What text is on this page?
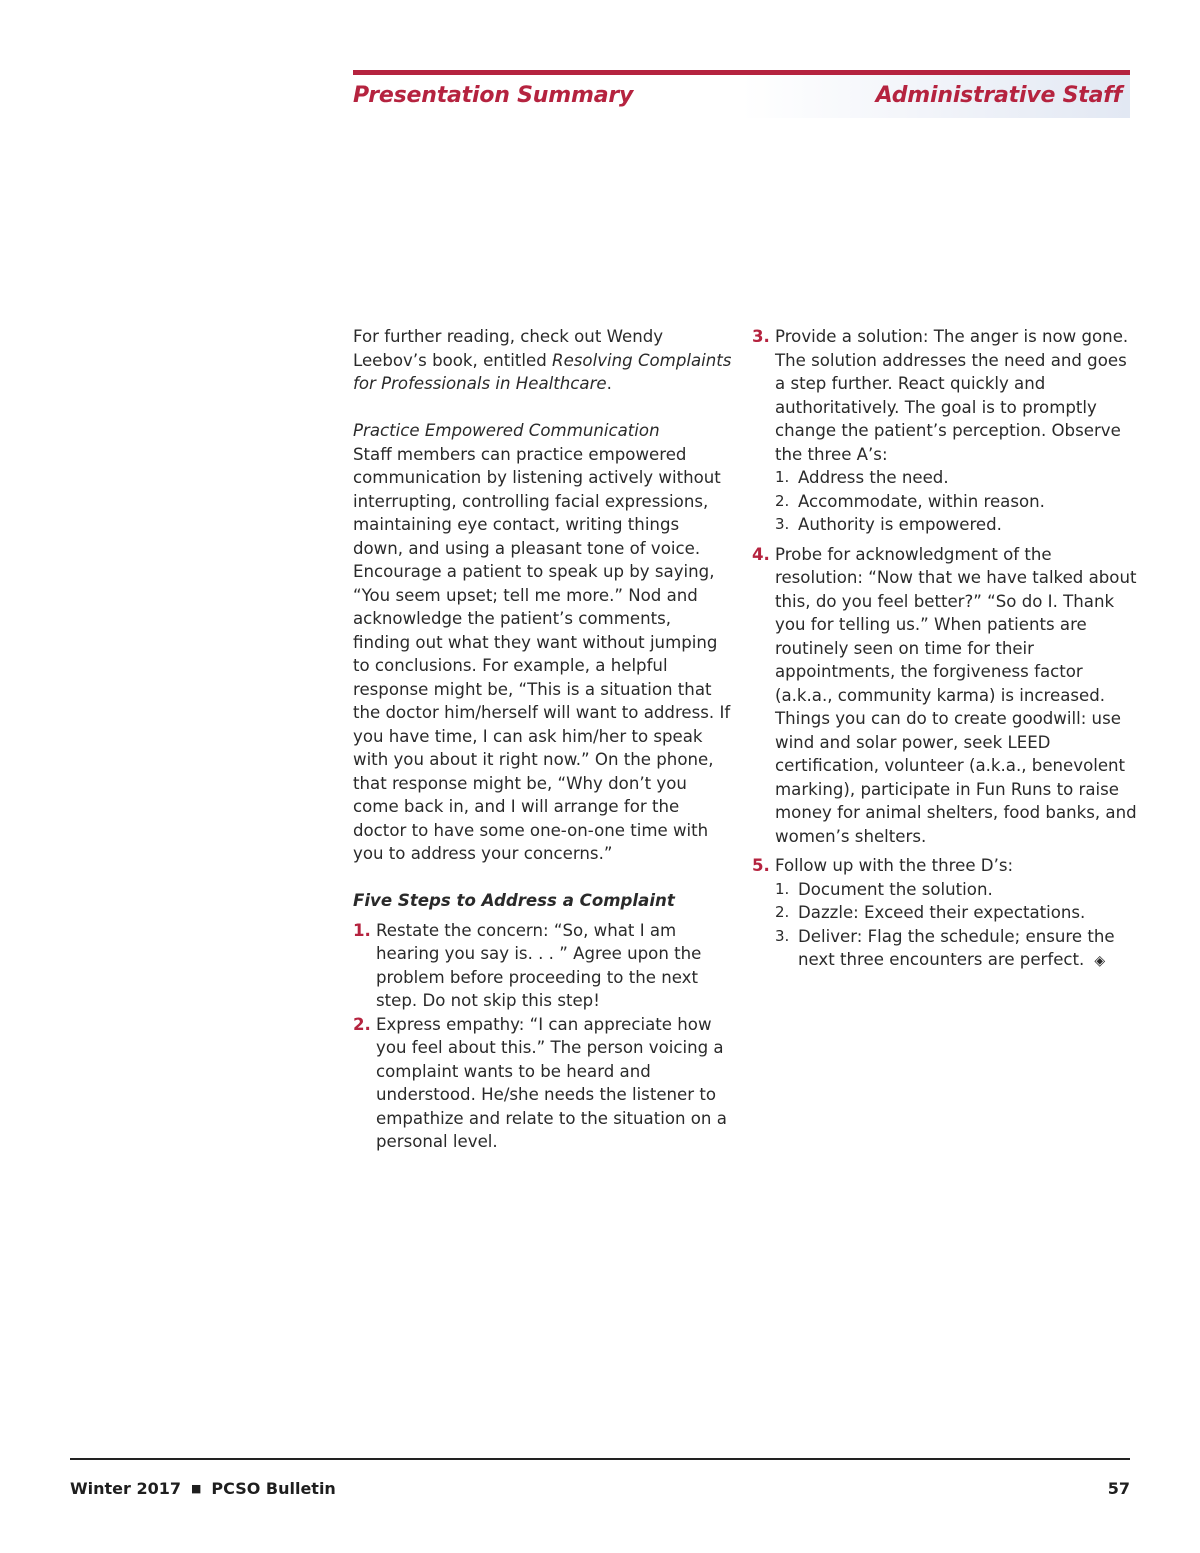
Presentation Summary	Administrative Staff

For further reading, check out Wendy Leebov’s book, entitled Resolving Complaints for Professionals in Healthcare.

Practice Empowered Communication

Staff members can practice empowered communication by listening actively without interrupting, controlling facial expressions, maintaining eye contact, writing things down, and using a pleasant tone of voice. Encourage a patient to speak up by saying, “You seem upset; tell me more.” Nod and acknowledge the patient’s comments, finding out what they want without jumping to conclusions. For example, a helpful response might be, “This is a situation that the doctor him/herself will want to address. If you have time, I can ask him/her to speak with you about it right now.” On the phone, that response might be, “Why don’t you come back in, and I will arrange for the doctor to have some one-on-one time with you to address your concerns.”

Five Steps to Address a Complaint

1. Restate the concern: “So, what I am hearing you say is. . . ” Agree upon the problem before proceeding to the next step. Do not skip this step!

2. Express empathy: “I can appreciate how you feel about this.” The person voicing a complaint wants to be heard and understood. He/she needs the listener to empathize and relate to the situation on a personal level.

3. Provide a solution: The anger is now gone. The solution addresses the need and goes a step further. React quickly and authoritatively. The goal is to promptly change the patient’s perception. Observe the three A’s:

1. Address the need.
2. Accommodate, within reason.
3. Authority is empowered.
4. Probe for acknowledgment of the resolution: “Now that we have talked about this, do you feel better?” “So do I. Thank you for telling us.” When patients are routinely seen on time for their appointments, the forgiveness factor (a.k.a., community karma) is increased. Things you can do to create goodwill: use wind and solar power, seek LEED certification, volunteer (a.k.a., benevolent marking), participate in Fun Runs to raise money for animal shelters, food banks, and women’s shelters.

5. Follow up with the three D’s:

1. Document the solution.
2. Dazzle: Exceed their expectations.
3. Deliver: Flag the schedule; ensure the next three encounters are perfect. ◈
Winter 2017 ■ PCSO Bulletin	57
